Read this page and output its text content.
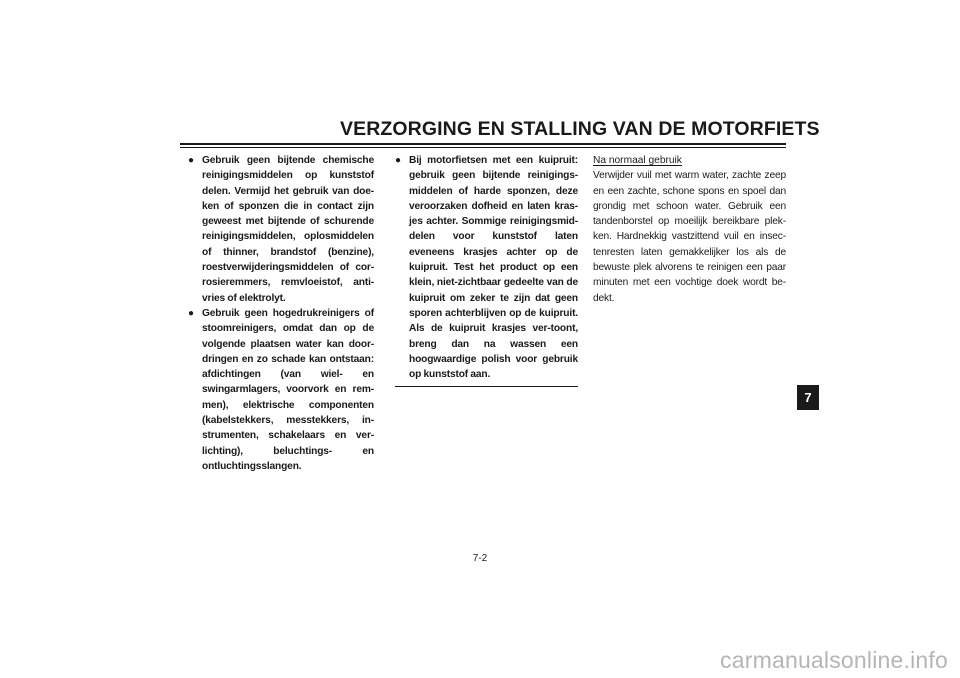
VERZORGING EN STALLING VAN DE MOTORFIETS
● Gebruik geen bijtende chemische reinigingsmiddelen op kunststof delen. Vermijd het gebruik van doe-ken of sponzen die in contact zijn geweest met bijtende of schurende reinigingsmiddelen, oplosmiddelen of thinner, brandstof (benzine), roestverwijderingsmiddelen of cor-rosieremmers, remvloeistof, anti-vries of elektrolyt.
● Gebruik geen hogedrukreinigers of stoomreinigers, omdat dan op de volgende plaatsen water kan door-dringen en zo schade kan ontstaan: afdichtingen (van wiel- en swingarmlagers, voorvork en rem-men), elektrische componenten (kabelstekkers, messtekkers, in-strumenten, schakelaars en ver-lichting), beluchtings- en ontluchtingsslangen.
● Bij motorfietsen met een kuipruit: gebruik geen bijtende reinigings-middelen of harde sponzen, deze veroorzaken dofheid en laten kras-jes achter. Sommige reinigingsmid-delen voor kunststof laten eveneens krasjes achter op de kuipruit. Test het product op een klein, niet-zichtbaar gedeelte van de kuipruit om zeker te zijn dat geen sporen achterblijven op de kuipruit. Als de kuipruit krasjes ver-toont, breng dan na wassen een hoogwaardige polish voor gebruik op kunststof aan.

Na normaal gebruik

Verwijder vuil met warm water, zachte zeep en een zachte, schone spons en spoel dan grondig met schoon water. Gebruik een tandenborstel op moeilijk bereikbare plek-ken. Hardnekkig vastzittend vuil en insec-tenresten laten gemakkelijker los als de bewuste plek alvorens te reinigen een paar minuten met een vochtige doek wordt be-dekt.

7
7-2
carmanualsonline.info
